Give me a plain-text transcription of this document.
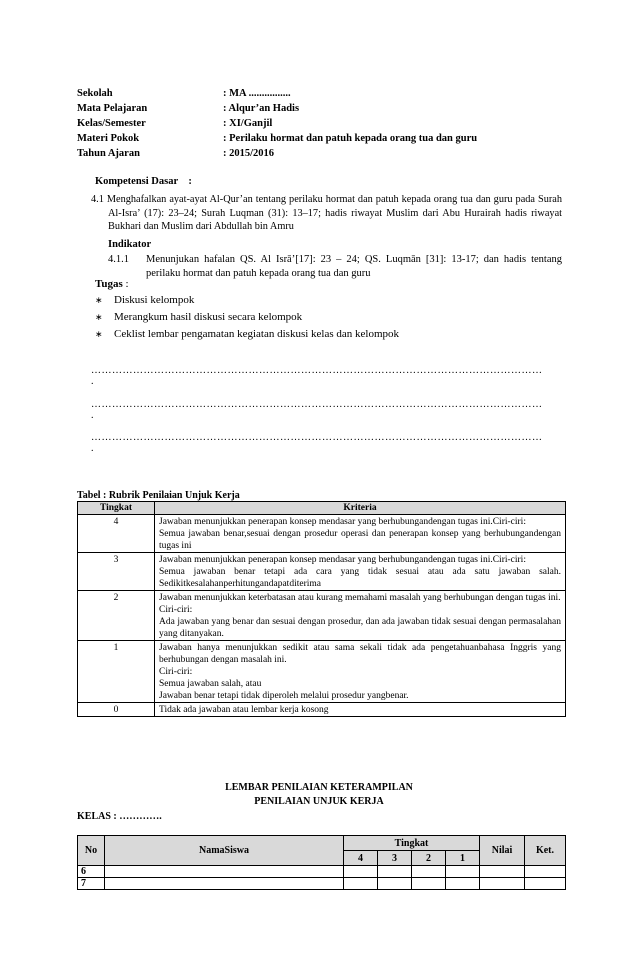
Sekolah	: MA ................
Mata Pelajaran	: Alqur’an Hadis
Kelas/Semester	: XI/Ganjil
Materi Pokok	: Perilaku hormat dan patuh kepada orang tua dan guru
Tahun Ajaran	: 2015/2016
Kompetensi Dasar    :
4.1 Menghafalkan ayat-ayat Al-Qur’an tentang perilaku hormat dan patuh kepada orang tua dan guru pada Surah Al-Isra’ (17): 23–24; Surah Luqman (31): 13–17; hadis riwayat Muslim dari Abu Hurairah hadis riwayat Bukhari dan Muslim dari Abdullah bin Amru
Indikator
4.1.1	Menunjukan hafalan QS. Al Isrā’[17]: 23 – 24; QS. Luqmān [31]: 13-17; dan hadis tentang perilaku hormat dan patuh kepada orang tua dan guru
Tugas :
∗	Diskusi kelompok
∗	Merangkum hasil diskusi secara kelompok
∗	Ceklist lembar pengamatan kegiatan diskusi kelas dan kelompok
…………………………………………………………………………………………………………………
.
…………………………………………………………………………………………………………………
.
…………………………………………………………………………………………………………………
.
Tabel : Rubrik Penilaian Unjuk Kerja
Tingkat	Kriteria
4	Jawaban menunjukkan penerapan konsep mendasar yang berhubungandengan tugas ini.Ciri-ciri:
Semua jawaban benar,sesuai dengan prosedur operasi dan penerapan konsep yang berhubungandengan tugas ini

3	Jawaban menunjukkan penerapan konsep mendasar yang berhubungandengan tugas ini.Ciri-ciri:
Semua jawaban benar tetapi ada cara yang tidak sesuai atau ada satu jawaban salah. Sedikitkesalahanperhitungandapatditerima

2	Jawaban menunjukkan keterbatasan atau kurang memahami masalah yang berhubungan dengan tugas ini.
Ciri-ciri:
Ada jawaban yang benar dan sesuai dengan prosedur, dan ada jawaban tidak sesuai dengan permasalahan yang ditanyakan.

1	Jawaban hanya menunjukkan sedikit atau sama sekali tidak ada pengetahuanbahasa Inggris yang berhubungan dengan masalah ini.
Ciri-ciri:
Semua jawaban salah, atau
Jawaban benar tetapi tidak diperoleh melalui prosedur yangbenar.

0	Tidak ada jawaban atau lembar kerja kosong
LEMBAR PENILAIAN KETERAMPILAN
PENILAIAN UNJUK KERJA
KELAS : ………….
No	NamaSiswa	Tingkat				Nilai	Ket.
		4	3	2	1		
6							
7							
